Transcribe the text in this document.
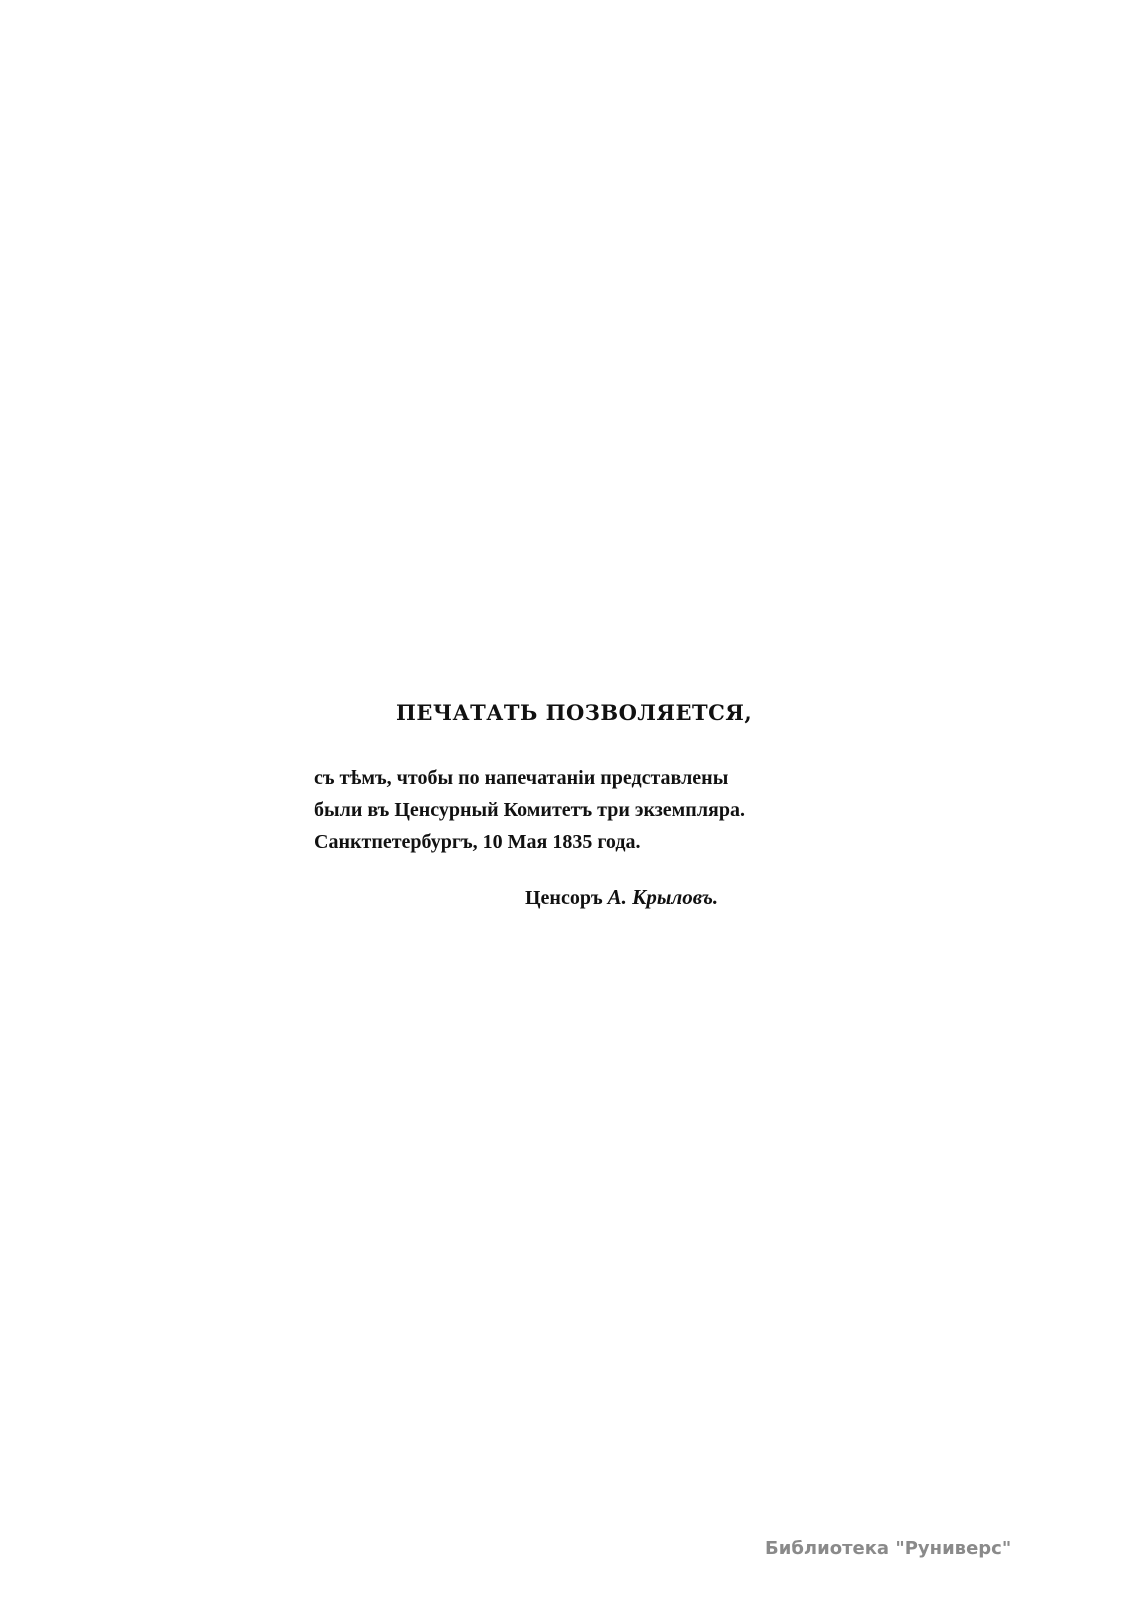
ПЕЧАТАТЬ ПОЗВОЛЯЕТСЯ,
съ тѣмъ, чтобы по напечатаніи представлены
были въ Ценсурный Комитетъ три экземпляра.
Санктпетербургъ, 10 Мая 1835 года.
Ценсоръ А. Крыловъ.
Библиотека "Руниверс"
